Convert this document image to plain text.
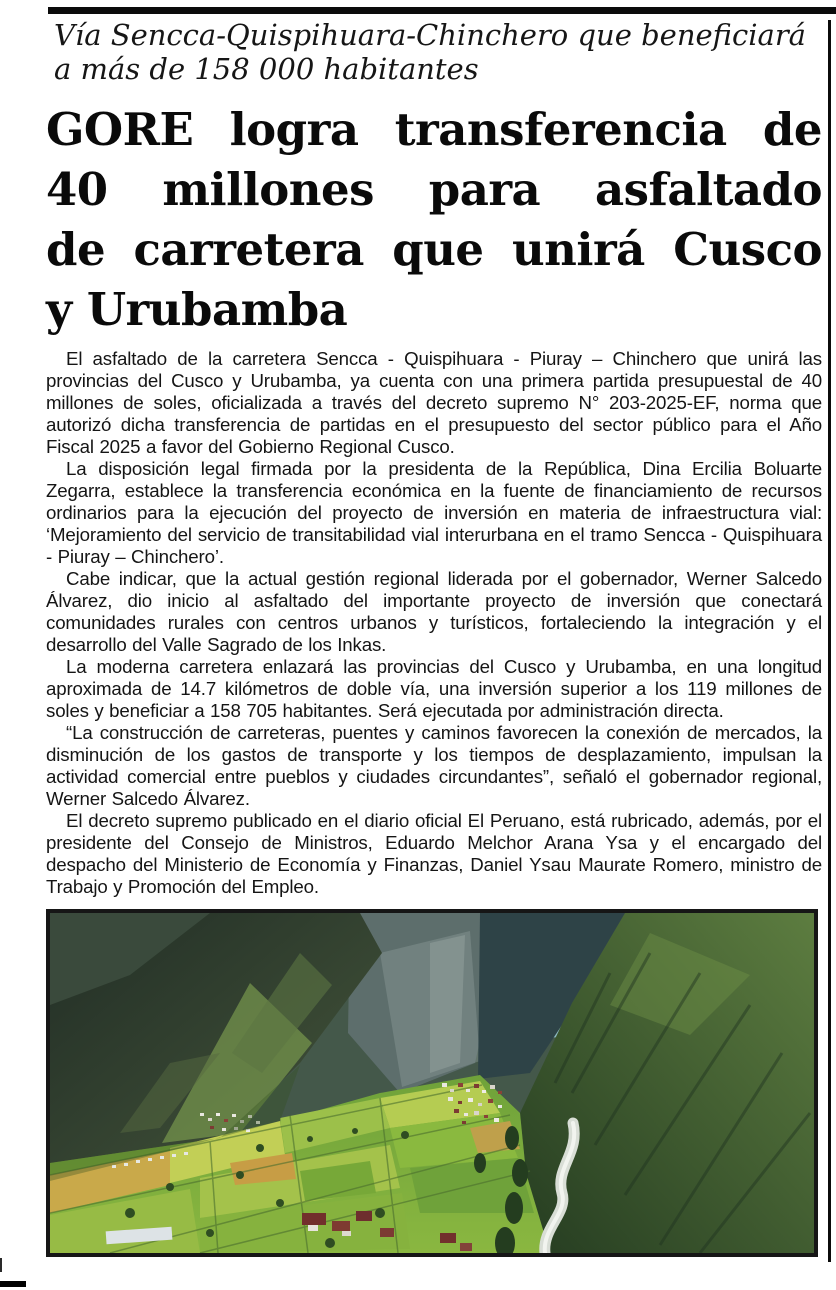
Vía Sencca-Quispihuara-Chinchero que beneficiará
a más de 158 000 habitantes
GORE logra transferencia de
40 millones para asfaltado
de carretera que unirá Cusco
y Urubamba

El asfaltado de la carretera Sencca - Quispihuara - Piuray – Chinchero que unirá las provincias del Cusco y Urubamba, ya cuenta con una primera partida presupuestal de 40 millones de soles, oficializada a través del decreto supremo N° 203-2025-EF, norma que autorizó dicha transferencia de partidas en el presupuesto del sector público para el Año Fiscal 2025 a favor del Gobierno Regional Cusco.

La disposición legal firmada por la presidenta de la República, Dina Ercilia Boluarte Zegarra, establece la transferencia económica en la fuente de financiamiento de recursos ordinarios para la ejecución del proyecto de inversión en materia de infraestructura vial: ‘Mejoramiento del servicio de transitabilidad vial interurbana en el tramo Sencca - Quispihuara - Piuray – Chinchero’.

Cabe indicar, que la actual gestión regional liderada por el gobernador, Werner Salcedo Álvarez, dio inicio al asfaltado del importante proyecto de inversión que conectará comunidades rurales con centros urbanos y turísticos, fortaleciendo la integración y el desarrollo del Valle Sagrado de los Inkas.

La moderna carretera enlazará las provincias del Cusco y Urubamba, en una longitud aproximada de 14.7 kilómetros de doble vía, una inversión superior a los 119 millones de soles y beneficiar a 158 705 habitantes. Será ejecutada por administración directa.

“La construcción de carreteras, puentes y caminos favorecen la conexión de mercados, la disminución de los gastos de transporte y los tiempos de desplazamiento, impulsan la actividad comercial entre pueblos y ciudades circundantes”, señaló el gobernador regional, Werner Salcedo Álvarez.

El decreto supremo publicado en el diario oficial El Peruano, está rubricado, además, por el presidente del Consejo de Ministros, Eduardo Melchor Arana Ysa y el encargado del despacho del Ministerio de Economía y Finanzas, Daniel Ysau Maurate Romero, ministro de Trabajo y Promoción del Empleo.
